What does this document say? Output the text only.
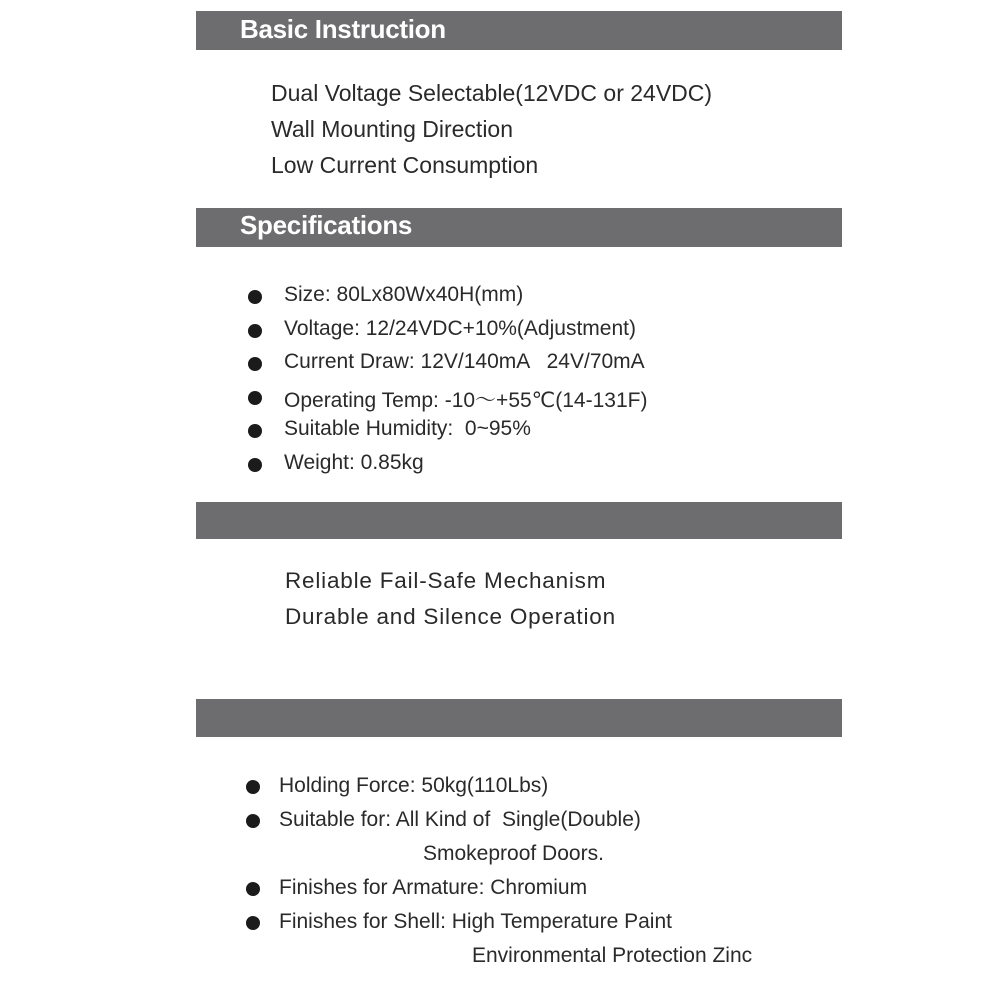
Basic Instruction
Dual Voltage Selectable(12VDC or 24VDC)
Wall Mounting Direction
Low Current Consumption
Specifications
Size: 80Lx80Wx40H(mm)
Voltage: 12/24VDC+10%(Adjustment)
Current Draw: 12V/140mA   24V/70mA
Operating Temp: -10～+55℃(14-131F)
Suitable Humidity:  0~95%
Weight: 0.85kg
Reliable Fail-Safe Mechanism
Durable and Silence Operation
Holding Force: 50kg(110Lbs)
Suitable for: All Kind of  Single(Double)
Smokeproof Doors.
Finishes for Armature: Chromium
Finishes for Shell: High Temperature Paint
Environmental Protection Zinc
